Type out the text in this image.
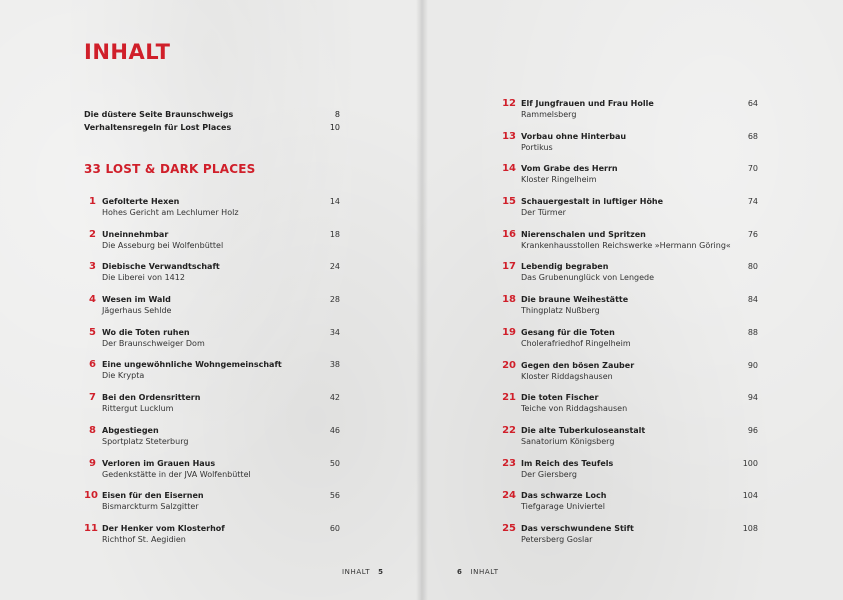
INHALT
Die düstere Seite Braunschweigs	8
Verhaltensregeln für Lost Places	10
33 LOST & DARK PLACES
1 Gefolterte Hexen
Hohes Gericht am Lechlumer Holz
14
2 Uneinnehmbar
Die Asseburg bei Wolfenbüttel
18
3 Diebische Verwandtschaft
Die Liberei von 1412
24
4 Wesen im Wald
Jägerhaus Sehlde
28
5 Wo die Toten ruhen
Der Braunschweiger Dom
34
6 Eine ungewöhnliche Wohngemeinschaft
Die Krypta
38
7 Bei den Ordensrittern
Rittergut Lucklum
42
8 Abgestiegen
Sportplatz Steterburg
46
9 Verloren im Grauen Haus
Gedenkstätte in der JVA Wolfenbüttel
50
10 Eisen für den Eisernen
Bismarckturm Salzgitter
56
11 Der Henker vom Klosterhof
Richthof St. Aegidien
60
INHALT 5
12 Elf Jungfrauen und Frau Holle
Rammelsberg
64
13 Vorbau ohne Hinterbau
Portikus
68
14 Vom Grabe des Herrn
Kloster Ringelheim
70
15 Schauergestalt in luftiger Höhe
Der Türmer
74
16 Nierenschalen und Spritzen
Krankenhausstollen Reichswerke »Hermann Göring«
76
17 Lebendig begraben
Das Grubenunglück von Lengede
80
18 Die braune Weihestätte
Thingplatz Nußberg
84
19 Gesang für die Toten
Cholerafriedhof Ringelheim
88
20 Gegen den bösen Zauber
Kloster Riddagshausen
90
21 Die toten Fischer
Teiche von Riddagshausen
94
22 Die alte Tuberkuloseanstalt
Sanatorium Königsberg
96
23 Im Reich des Teufels
Der Giersberg
100
24 Das schwarze Loch
Tiefgarage Univiertel
104
25 Das verschwundene Stift
Petersberg Goslar
108
6 INHALT
